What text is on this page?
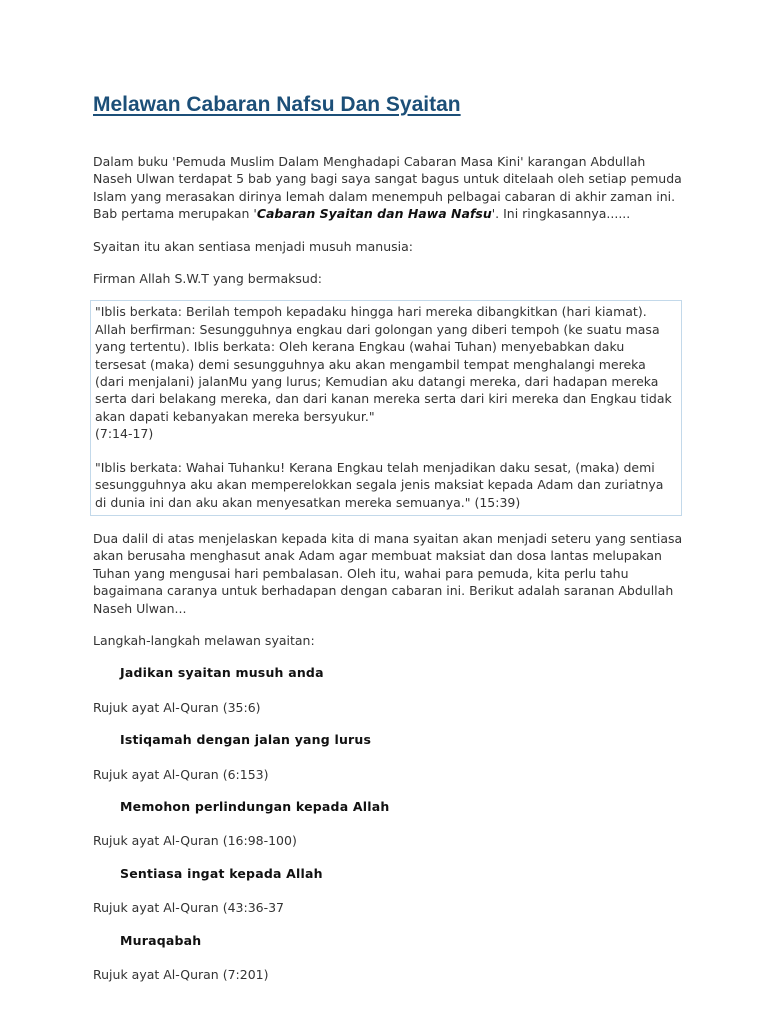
Melawan Cabaran Nafsu Dan Syaitan

Dalam buku 'Pemuda Muslim Dalam Menghadapi Cabaran Masa Kini' karangan Abdullah Naseh Ulwan terdapat 5 bab yang bagi saya sangat bagus untuk ditelaah oleh setiap pemuda Islam yang merasakan dirinya lemah dalam menempuh pelbagai cabaran di akhir zaman ini. Bab pertama merupakan 'Cabaran Syaitan dan Hawa Nafsu'. Ini ringkasannya......

Syaitan itu akan sentiasa menjadi musuh manusia:

Firman Allah S.W.T yang bermaksud:

"Iblis berkata: Berilah tempoh kepadaku hingga hari mereka dibangkitkan (hari kiamat). Allah berfirman: Sesungguhnya engkau dari golongan yang diberi tempoh (ke suatu masa yang tertentu). Iblis berkata: Oleh kerana Engkau (wahai Tuhan) menyebabkan daku tersesat (maka) demi sesungguhnya aku akan mengambil tempat menghalangi mereka (dari menjalani) jalanMu yang lurus; Kemudian aku datangi mereka, dari hadapan mereka serta dari belakang mereka, dan dari kanan mereka serta dari kiri mereka dan Engkau tidak akan dapati kebanyakan mereka bersyukur."

(7:14-17)

"Iblis berkata: Wahai Tuhanku! Kerana Engkau telah menjadikan daku sesat, (maka) demi sesungguhnya aku akan memperelokkan segala jenis maksiat kepada Adam dan zuriatnya di dunia ini dan aku akan menyesatkan mereka semuanya." (15:39)

Dua dalil di atas menjelaskan kepada kita di mana syaitan akan menjadi seteru yang sentiasa akan berusaha menghasut anak Adam agar membuat maksiat dan dosa lantas melupakan Tuhan yang mengusai hari pembalasan. Oleh itu, wahai para pemuda, kita perlu tahu bagaimana caranya untuk berhadapan dengan cabaran ini. Berikut adalah saranan Abdullah Naseh Ulwan...

Langkah-langkah melawan syaitan:

Jadikan syaitan musuh anda

Rujuk ayat Al-Quran (35:6)

Istiqamah dengan jalan yang lurus

Rujuk ayat Al-Quran (6:153)

Memohon perlindungan kepada Allah

Rujuk ayat Al-Quran (16:98-100)

Sentiasa ingat kepada Allah

Rujuk ayat Al-Quran (43:36-37

Muraqabah

Rujuk ayat Al-Quran (7:201)
